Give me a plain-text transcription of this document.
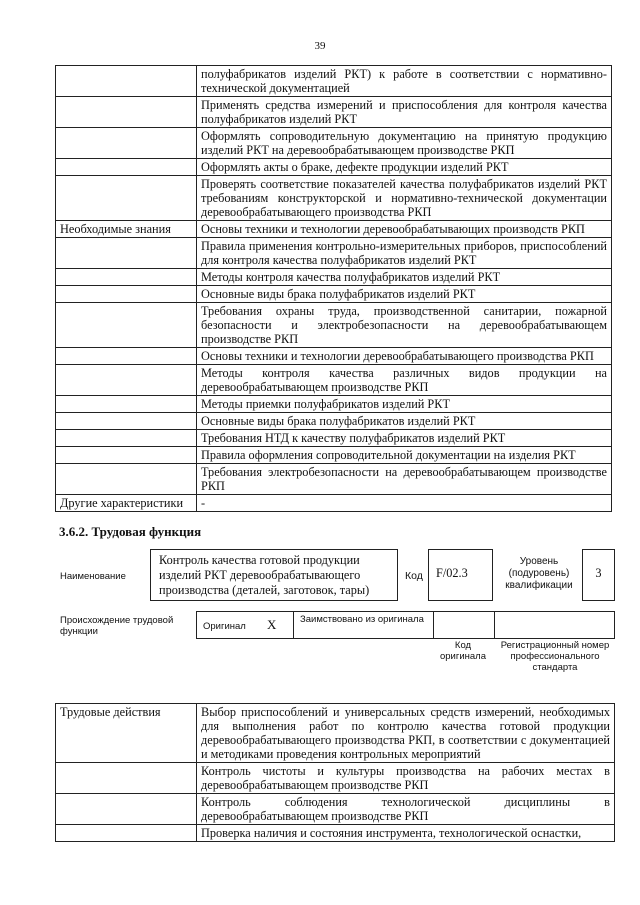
39
	полуфабрикатов изделий РКТ) к работе в соответствии с нормативно-технической документацией
	Применять средства измерений и приспособления для контроля качества полуфабрикатов изделий РКТ
	Оформлять сопроводительную документацию на принятую продукцию изделий РКТ на деревообрабатывающем производстве РКП
	Оформлять акты о браке, дефекте продукции изделий РКТ
	Проверять соответствие показателей качества полуфабрикатов изделий РКТ требованиям конструкторской и нормативно-технической документации деревообрабатывающего производства РКП
Необходимые знания	Основы техники и технологии деревообрабатывающих производств РКП
	Правила применения контрольно-измерительных приборов, приспособлений для контроля качества полуфабрикатов изделий РКТ
	Методы контроля качества полуфабрикатов изделий РКТ
	Основные виды брака полуфабрикатов изделий РКТ
	Требования охраны труда, производственной санитарии, пожарной безопасности и электробезопасности на деревообрабатывающем производстве РКП
	Основы техники и технологии деревообрабатывающего производства РКП
	Методы контроля качества различных видов продукции на деревообрабатывающем производстве РКП
	Методы приемки полуфабрикатов изделий РКТ
	Основные виды брака полуфабрикатов изделий РКТ
	Требования НТД к качеству полуфабрикатов изделий РКТ
	Правила оформления сопроводительной документации на изделия РКТ
	Требования электробезопасности на деревообрабатывающем производстве РКП
Другие характеристики	-
3.6.2. Трудовая функция
Наименование
Контроль качества готовой продукции изделий РКТ деревообрабатывающего производства (деталей, заготовок, тары)
Код	F/02.3
Уровень (подуровень) квалификации
3
Происхождение трудовой функции	Оригинал X Заимствовано из оригинала
Код оригинала
Регистрационный номер профессионального стандарта
Трудовые действия	Выбор приспособлений и универсальных средств измерений, необходимых для выполнения работ по контролю качества готовой продукции деревообрабатывающего производства РКП, в соответствии с документацией и методиками проведения контрольных мероприятий
	Контроль чистоты и культуры производства на рабочих местах в деревообрабатывающем производстве РКП
	Контроль соблюдения технологической дисциплины в деревообрабатывающем производстве РКП
	Проверка наличия и состояния инструмента, технологической оснастки,
